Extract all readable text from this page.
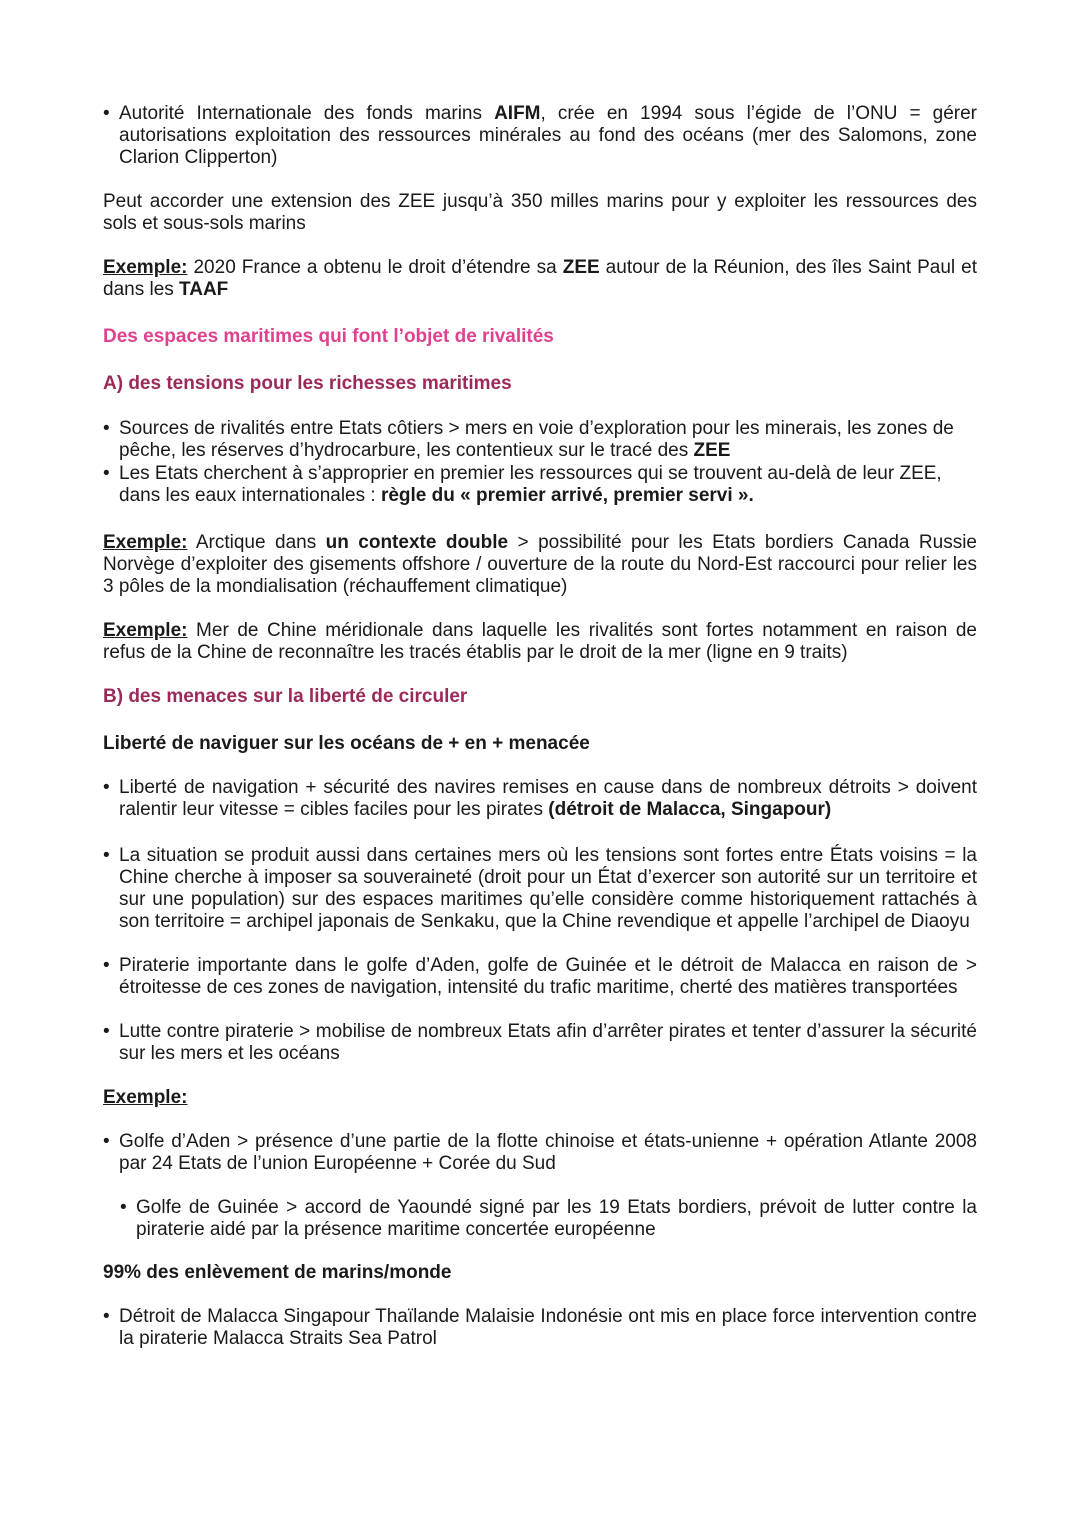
• Autorité Internationale des fonds marins AIFM, crée en 1994 sous l’égide de l’ONU = gérer autorisations exploitation des ressources minérales au fond des océans (mer des Salomons, zone Clarion Clipperton)

Peut accorder une extension des ZEE jusqu’à 350 milles marins pour y exploiter les ressources des sols et sous-sols marins

Exemple: 2020 France a obtenu le droit d’étendre sa ZEE autour de la Réunion, des îles Saint Paul et dans les TAAF

Des espaces maritimes qui font l’objet de rivalités

A) des tensions pour les richesses maritimes

• Sources de rivalités entre Etats côtiers > mers en voie d’exploration pour les minerais, les zones de pêche, les réserves d’hydrocarbure, les contentieux sur le tracé des ZEE

• Les Etats cherchent à s’approprier en premier les ressources qui se trouvent au-delà de leur ZEE, dans les eaux internationales : règle du « premier arrivé, premier servi ».

Exemple: Arctique dans un contexte double > possibilité pour les Etats bordiers Canada Russie Norvège d’exploiter des gisements offshore / ouverture de la route du Nord-Est raccourci pour relier les 3 pôles de la mondialisation (réchauffement climatique)

Exemple: Mer de Chine méridionale dans laquelle les rivalités sont fortes notamment en raison de refus de la Chine de reconnaître les tracés établis par le droit de la mer (ligne en 9 traits)

B) des menaces sur la liberté de circuler

Liberté de naviguer sur les océans de + en + menacée

• Liberté de navigation + sécurité des navires remises en cause dans de nombreux détroits > doivent ralentir leur vitesse = cibles faciles pour les pirates (détroit de Malacca, Singapour)

• La situation se produit aussi dans certaines mers où les tensions sont fortes entre États voisins = la Chine cherche à imposer sa souveraineté (droit pour un État d’exercer son autorité sur un territoire et sur une population) sur des espaces maritimes qu’elle considère comme historiquement rattachés à son territoire = archipel japonais de Senkaku, que la Chine revendique et appelle l’archipel de Diaoyu

• Piraterie importante dans le golfe d’Aden, golfe de Guinée et le détroit de Malacca en raison de > étroitesse de ces zones de navigation, intensité du trafic maritime, cherté des matières transportées

• Lutte contre piraterie > mobilise de nombreux Etats afin d’arrêter pirates et tenter d’assurer la sécurité sur les mers et les océans

Exemple:

• Golfe d’Aden > présence d’une partie de la flotte chinoise et états-unienne + opération Atlante 2008 par 24 Etats de l’union Européenne + Corée du Sud

• Golfe de Guinée > accord de Yaoundé signé par les 19 Etats bordiers, prévoit de lutter contre la piraterie aidé par la présence maritime concertée européenne

99% des enlèvement de marins/monde

• Détroit de Malacca Singapour Thaïlande Malaisie Indonésie ont mis en place force intervention contre la piraterie Malacca Straits Sea Patrol
